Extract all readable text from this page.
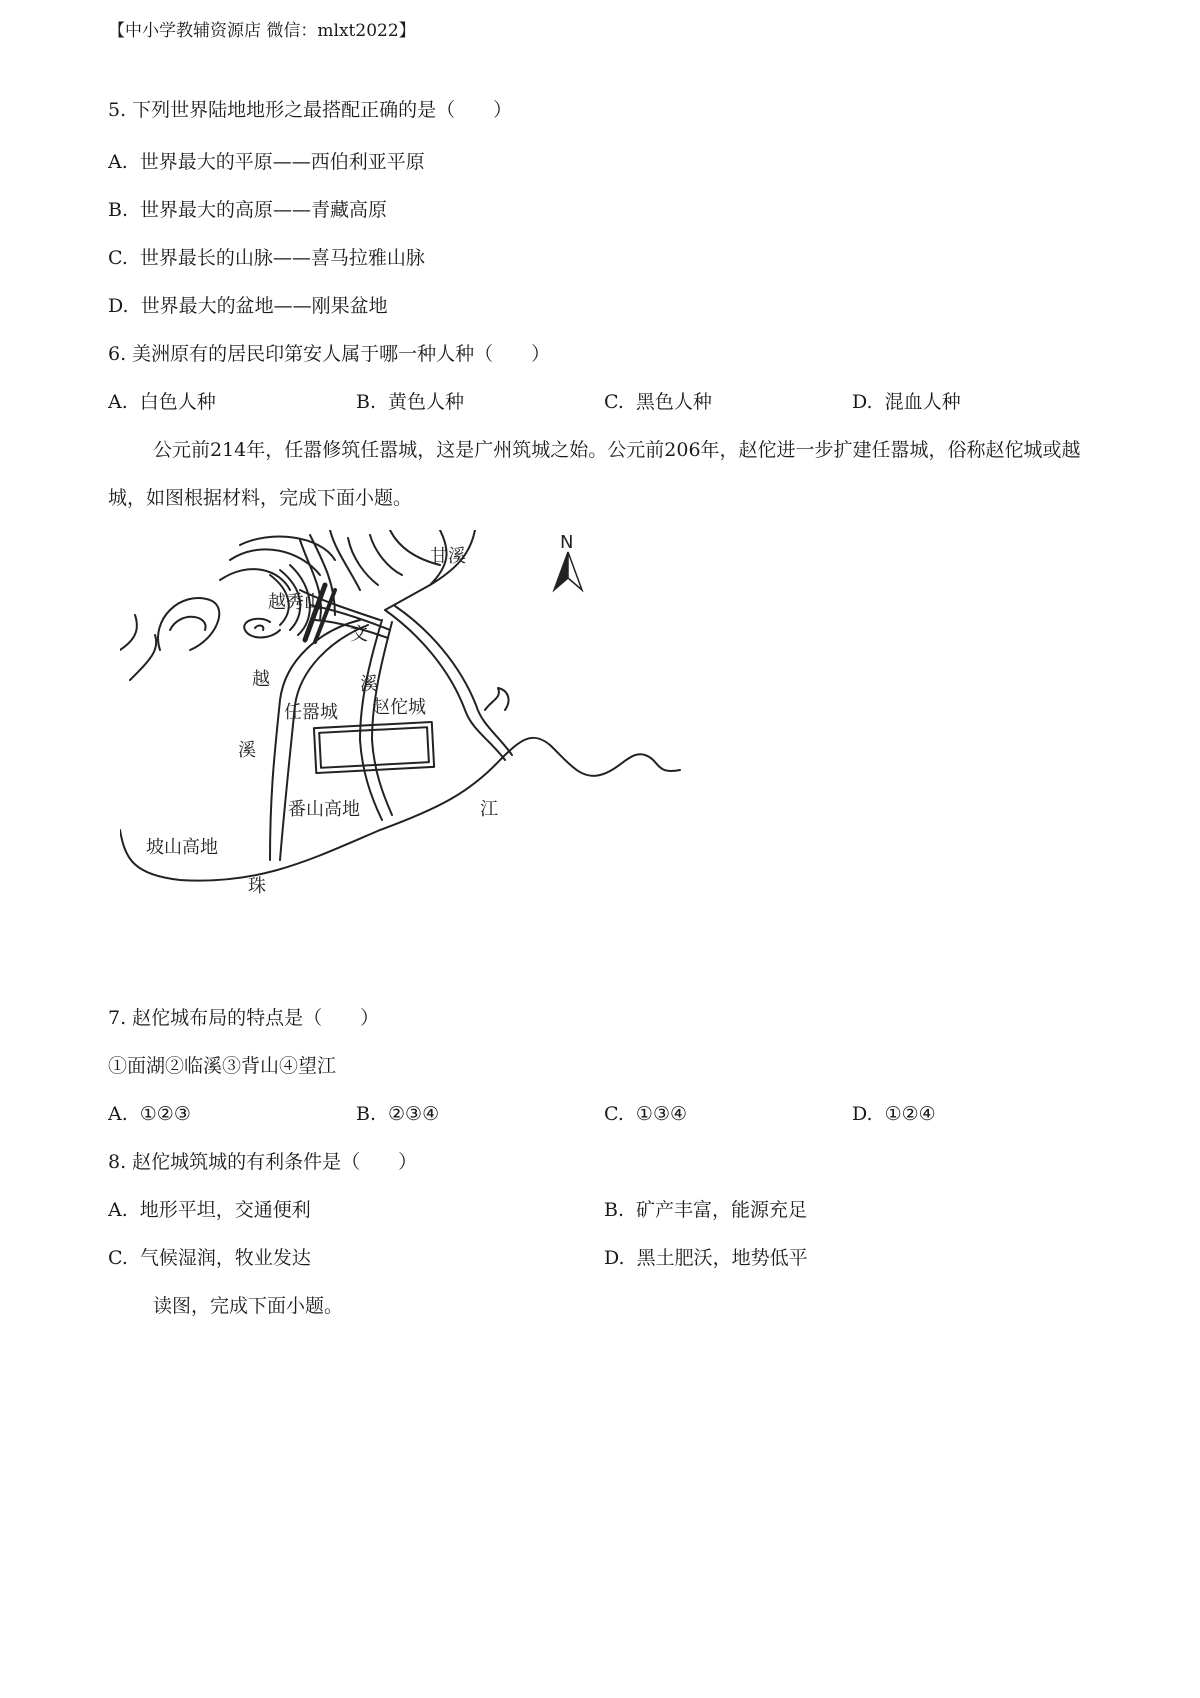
【中小学教辅资源店 微信：mlxt2022】
5. 下列世界陆地地形之最搭配正确的是（　　）
A. 世界最大的平原——西伯利亚平原
B. 世界最大的高原——青藏高原
C. 世界最长的山脉——喜马拉雅山脉
D. 世界最大的盆地——刚果盆地
6. 美洲原有的居民印第安人属于哪一种人种（　　）
A. 白色人种	B. 黄色人种	C. 黑色人种	D. 混血人种
公元前214年，任嚣修筑任嚣城，这是广州筑城之始。公元前206年，赵佗进一步扩建任嚣城，俗称赵佗城或越城，如图根据材料，完成下面小题。
N
甘溪
越秀山
文
溪
越
任嚣城 赵佗城
溪
番山高地	江
坡山高地
珠
7. 赵佗城布局的特点是（　　）
①面湖②临溪③背山④望江
A. ①②③	B. ②③④	C. ①③④	D. ①②④
8. 赵佗城筑城的有利条件是（　　）
A. 地形平坦，交通便利	B. 矿产丰富，能源充足
C. 气候湿润，牧业发达	D. 黑土肥沃，地势低平
读图，完成下面小题。
